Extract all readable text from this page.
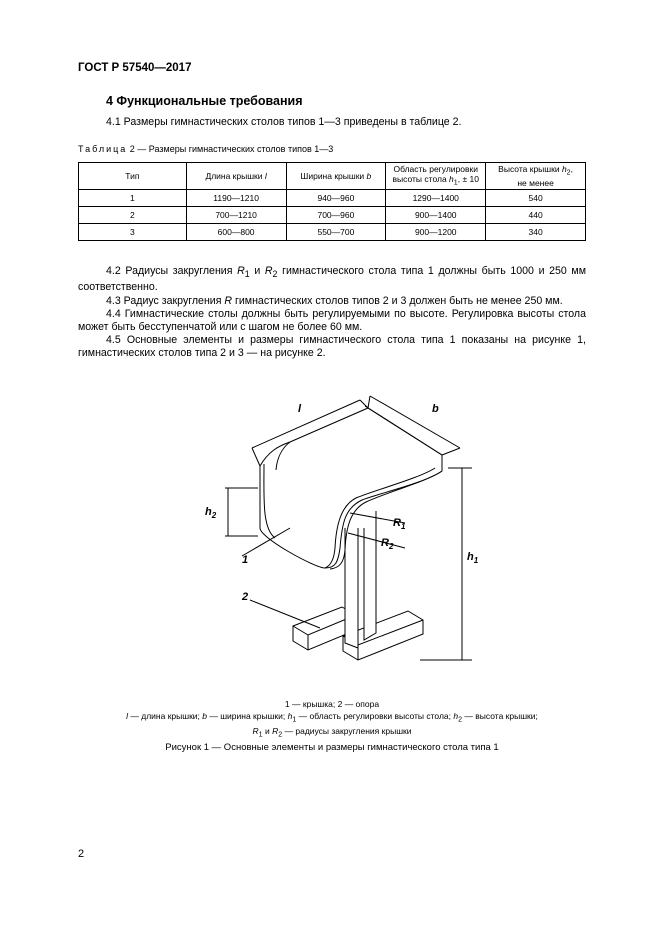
ГОСТ Р 57540—2017
4 Функциональные требования
4.1 Размеры гимнастических столов типов 1—3 приведены в таблице 2.
Таблица 2 — Размеры гимнастических столов типов 1—3
Тип	Длина крышки l	Ширина крышки b	Область регулировки
высоты стола $h_1$, ± 10	Высота крышки $h_2$,
не менее
1	1190—1210	940—960	1290—1400	540
2	700—1210	700—960	900—1400	440
3	600—800	550—700	900—1200	340

4.2 Радиусы закругления $R_1$ и $R_2$ гимнастического стола типа 1 должны быть 1000 и 250 мм соответственно.

4.3 Радиус закругления R гимнастических столов типов 2 и 3 должен быть не менее 250 мм.

4.4 Гимнастические столы должны быть регулируемыми по высоте. Регулировка высоты стола может быть бесступенчатой или с шагом не более 60 мм.

4.5 Основные элементы и размеры гимнастического стола типа 1 показаны на рисунке 1, гимнастических столов типа 2 и 3 — на рисунке 2.

l	b
$h_1$
$h_2$
$R_1$
$R_2$
1
2
1 — крышка; 2 — опора
l — длина крышки; b — ширина крышки; $h_1$ — область регулировки высоты стола; $h_2$ — высота крышки;
$R_1$ и $R_2$ — радиусы закругления крышки
Рисунок 1 — Основные элементы и размеры гимнастического стола типа 1
2
